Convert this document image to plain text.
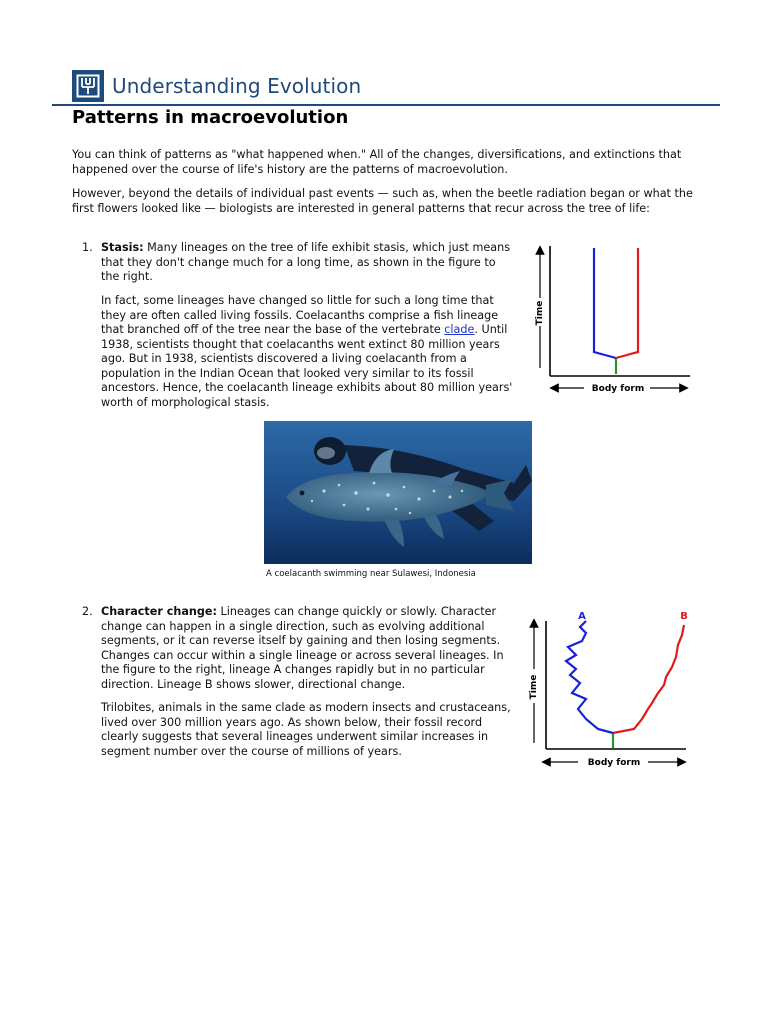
Understanding Evolution
Patterns in macroevolution

You can think of patterns as "what happened when." All of the changes, diversifications, and extinctions that happened over the course of life's history are the patterns of macroevolution.

However, beyond the details of individual past events — such as, when the beetle radiation began or what the first flowers looked like — biologists are interested in general patterns that recur across the tree of life:

1. Stasis: Many lineages on the tree of life exhibit stasis, which just means that they don't change much for a long time, as shown in the figure to the right.

In fact, some lineages have changed so little for such a long time that they are often called living fossils. Coelacanths comprise a fish lineage that branched off of the tree near the base of the vertebrate clade. Until 1938, scientists thought that coelacanths went extinct 80 million years ago. But in 1938, scientists discovered a living coelacanth from a population in the Indian Ocean that looked very similar to its fossil ancestors. Hence, the coelacanth lineage exhibits about 80 million years' worth of morphological stasis.

Time
Body form
A coelacanth swimming near Sulawesi, Indonesia
2. Character change: Lineages can change quickly or slowly. Character change can happen in a single direction, such as evolving additional segments, or it can reverse itself by gaining and then losing segments. Changes can occur within a single lineage or across several lineages. In the figure to the right, lineage A changes rapidly but in no particular direction. Lineage B shows slower, directional change.

Trilobites, animals in the same clade as modern insects and crustaceans, lived over 300 million years ago. As shown below, their fossil record clearly suggests that several lineages underwent similar increases in segment number over the course of millions of years.

Time
Body form
A	B
